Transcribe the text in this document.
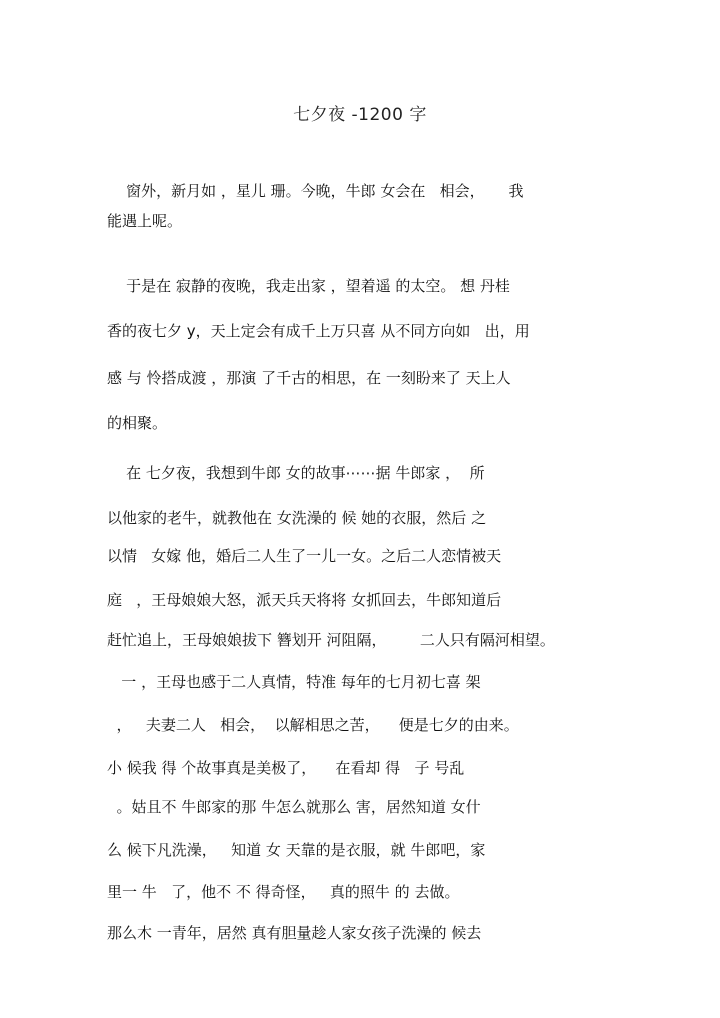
七夕夜 -1200 字
窗外，新月如 ，星儿 珊。今晚，牛郎 女会在   相会，     我
能遇上呢。
于是在 寂静的夜晚，我走出家 ，望着遥 的太空。 想 丹桂
香的夜七夕 y，天上定会有成千上万只喜 从不同方向如   出，用
感 与 怜搭成渡 ，那演 了千古的相思，在 一刻盼来了 天上人
的相聚。
在 七夕夜，我想到牛郎 女的故事⋯⋯据 牛郎家 ，  所
以他家的老牛，就教他在 女洗澡的 候 她的衣服，然后 之
以情   女嫁 他，婚后二人生了一儿一女。之后二人恋情被天
庭   ，王母娘娘大怒，派天兵天将将 女抓回去，牛郎知道后
赶忙追上，王母娘娘拔下 簪划开 河阻隔，       二人只有隔河相望。
一 ，王母也感于二人真情，特准 每年的七月初七喜 架
，   夫妻二人   相会，  以解相思之苦，    便是七夕的由来。
小 候我 得 个故事真是美极了，    在看却 得   子 号乱
。姑且不 牛郎家的那 牛怎么就那么 害，居然知道 女什
么 候下凡洗澡，   知道 女 天靠的是衣服，就 牛郎吧，家
里一 牛   了，他不 不 得奇怪，   真的照牛 的 去做。
那么木 一青年，居然 真有胆量趁人家女孩子洗澡的 候去
